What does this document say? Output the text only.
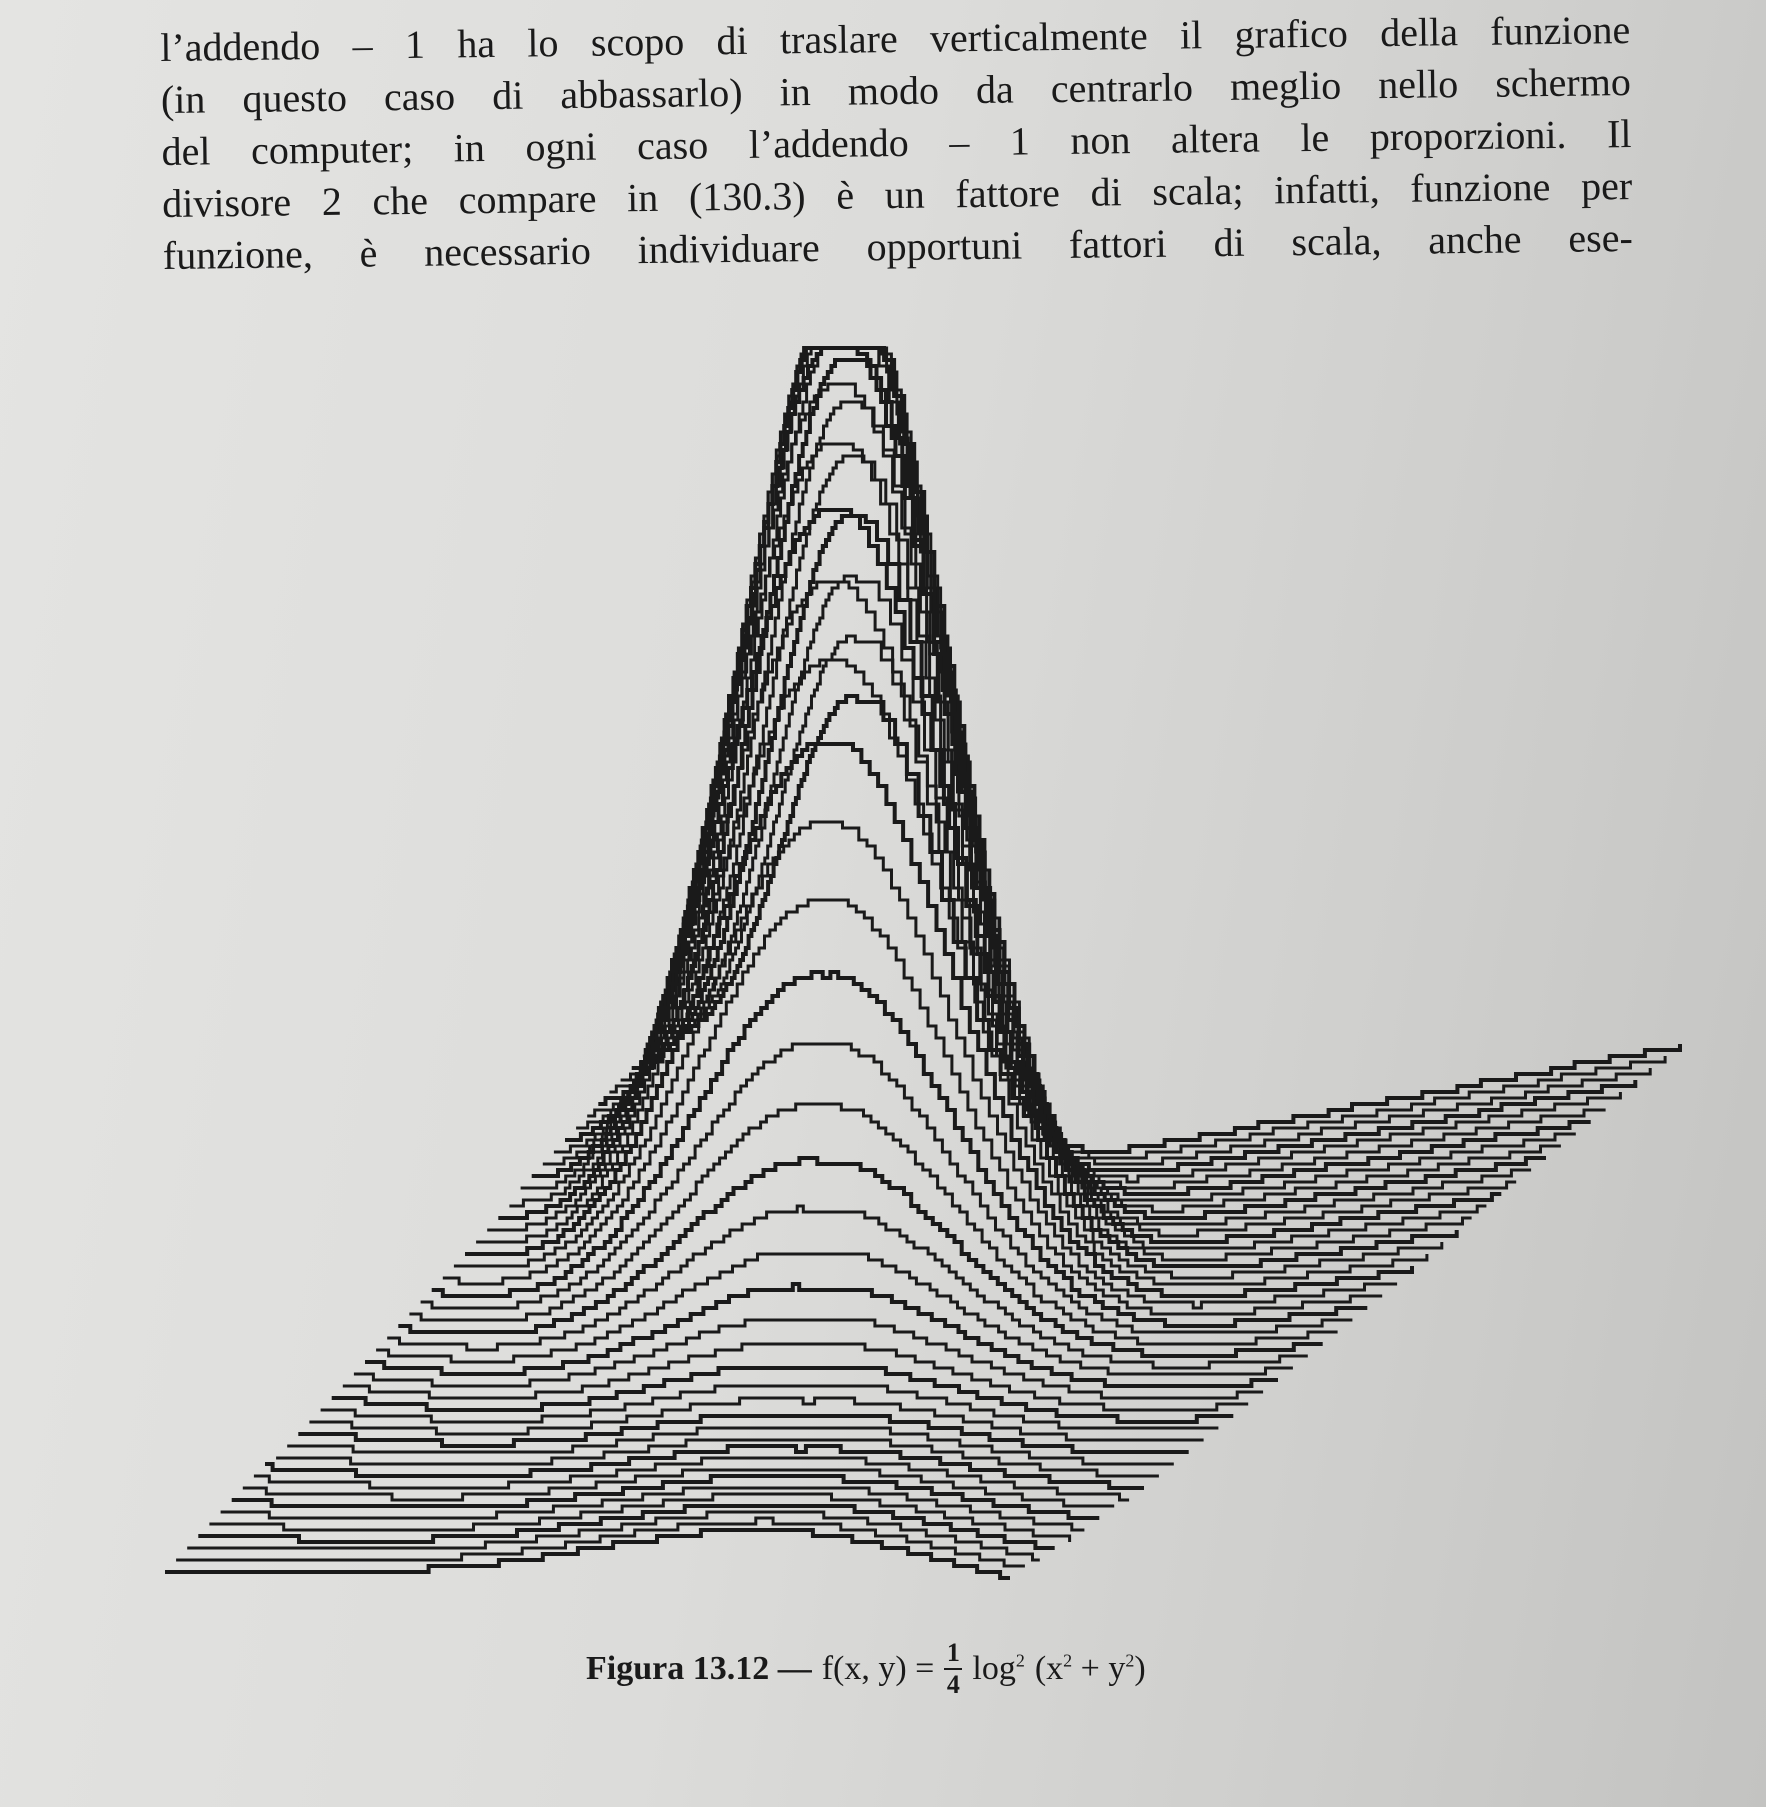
l’addendo – 1 ha lo scopo di traslare verticalmente il grafico della funzione
(in questo caso di abbassarlo) in modo da centrarlo meglio nello schermo
del computer; in ogni caso l’addendo – 1 non altera le proporzioni. Il
divisore 2 che compare in (130.3) è un fattore di scala; infatti, funzione per
funzione, è necessario individuare opportuni fattori di scala, anche ese-
Figura 13.12 — f(x, $y) = \frac{1}{4} \log^2 (x^2 + y^2)$
